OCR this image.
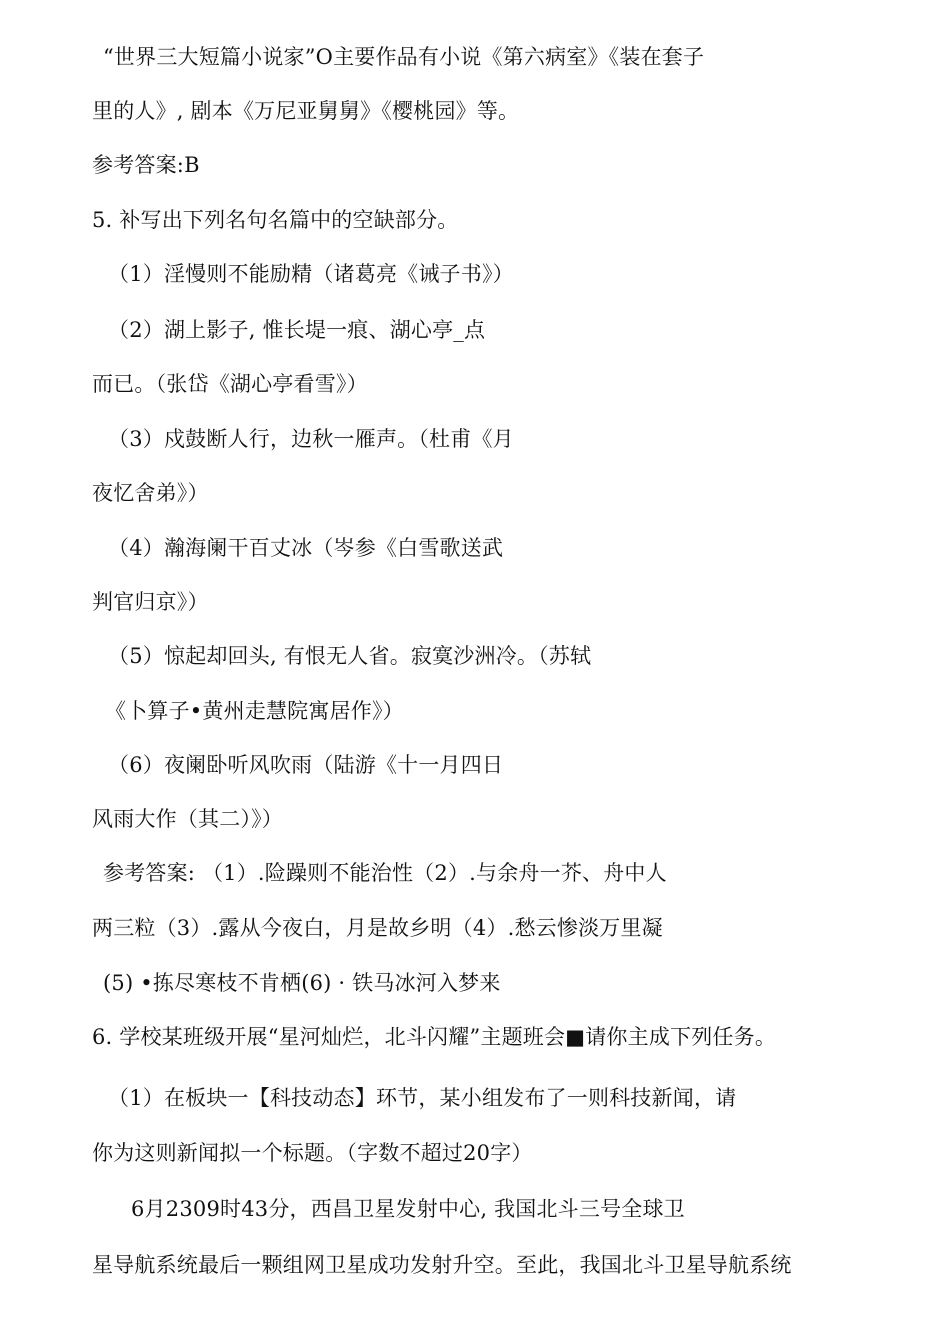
“世界三大短篇小说家”O主要作品有小说《第六病室》《装在套子
里的人》, 剧本《万尼亚舅舅》《樱桃园》等。
参考答案:B
5. 补写出下列名句名篇中的空缺部分。
（1）淫慢则不能励精（诸葛亮《诫子书》）
（2）湖上影子, 惟长堤一痕、湖心亭_点
而已。（张岱《湖心亭看雪》）
（3）戍鼓断人行，边秋一雁声。（杜甫《月
夜忆舍弟》）
（4）瀚海阑干百丈冰（岑参《白雪歌送武
判官归京》）
（5）惊起却回头, 有恨无人省。寂寞沙洲冷。（苏轼
《卜算子•黄州走慧院寓居作》）
（6）夜阑卧听风吹雨（陆游《十一月四日
风雨大作（其二）》）
参考答案: （1）.险躁则不能治性（2）.与余舟一芥、舟中人
两三粒（3）.露从今夜白，月是故乡明（4）.愁云惨淡万里凝
(5) •拣尽寒枝不肯栖(6) · 铁马冰河入梦来
6. 学校某班级开展“星河灿烂，北斗闪耀”主题班会■请你主成下列任务。
（1）在板块一【科技动态】环节，某小组发布了一则科技新闻，请
你为这则新闻拟一个标题。（字数不超过20字）
6月2309时43分，西昌卫星发射中心, 我国北斗三号全球卫
星导航系统最后一颗组网卫星成功发射升空。至此，我国北斗卫星导航系统
